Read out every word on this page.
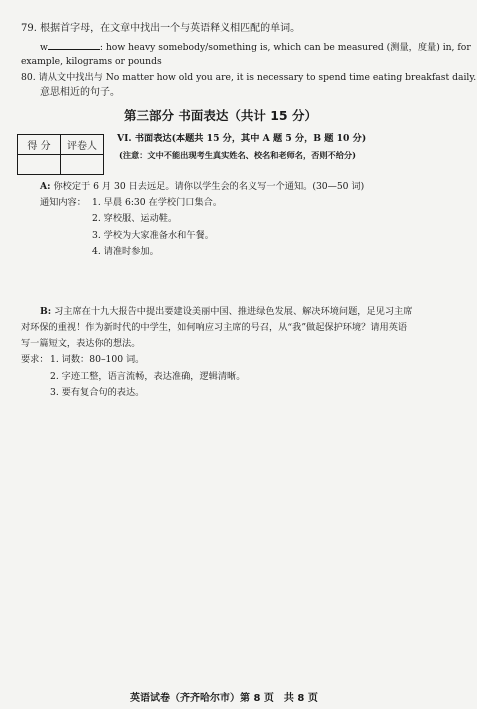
79. 根据首字母，在文章中找出一个与英语释义相匹配的单词。
w	: how heavy somebody/something is, which can be measured (测量，度量) in, for
example, kilograms or pounds
80. 请从文中找出与 No matter how old you are, it is necessary to spend time eating breakfast daily.
意思相近的句子。
第三部分 书面表达（共计 15 分）
得 分	评卷人

VI. 书面表达(本题共 15 分，其中 A 题 5 分，B 题 10 分)
(注意：文中不能出现考生真实姓名、校名和老师名，否则不给分)
A: 你校定于 6 月 30 日去远足。请你以学生会的名义写一个通知。(30—50 词)
通知内容： 1. 早晨 6:30 在学校门口集合。
2. 穿校服、运动鞋。
3. 学校为大家准备水和午餐。
4. 请准时参加。
B: 习主席在十九大报告中提出要建设美丽中国、推进绿色发展、解决环境问题，足见习主席
对环保的重视！作为新时代的中学生，如何响应习主席的号召，从“我”做起保护环境？请用英语
写一篇短文，表达你的想法。
要求： 1. 词数：80–100 词。
2. 字迹工整，语言流畅，表达准确，逻辑清晰。
3. 要有复合句的表达。
英语试卷（齐齐哈尔市）第 8 页　共 8 页
